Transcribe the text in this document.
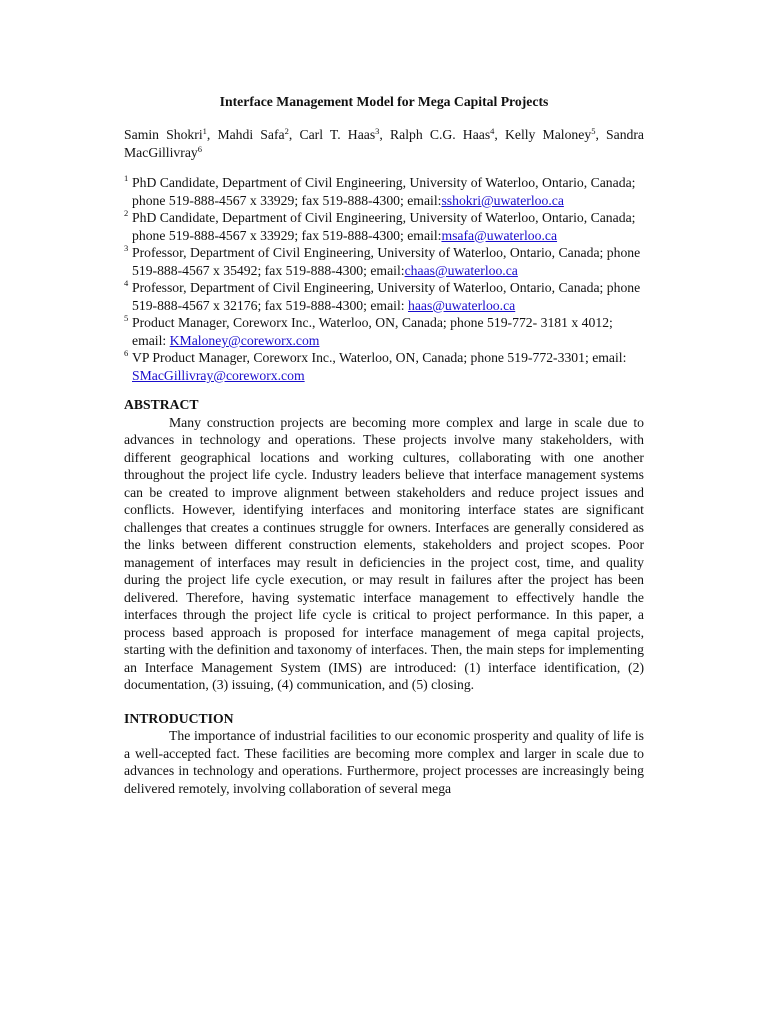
Interface Management Model for Mega Capital Projects

Samin Shokri$^1$, Mahdi Safa$^2$, Carl T. Haas$^3$, Ralph C.G. Haas$^4$, Kelly Maloney$^5$, Sandra MacGillivray$^6$

1 PhD Candidate, Department of Civil Engineering, University of Waterloo, Ontario, Canada; phone 519-888-4567 x 33929; fax 519-888-4300; email:sshokri@uwaterloo.ca
2 PhD Candidate, Department of Civil Engineering, University of Waterloo, Ontario, Canada; phone 519-888-4567 x 33929; fax 519-888-4300; email:msafa@uwaterloo.ca
3 Professor, Department of Civil Engineering, University of Waterloo, Ontario, Canada; phone 519-888-4567 x 35492; fax 519-888-4300; email:chaas@uwaterloo.ca
4 Professor, Department of Civil Engineering, University of Waterloo, Ontario, Canada; phone 519-888-4567 x 32176; fax 519-888-4300; email: haas@uwaterloo.ca
5 Product Manager, Coreworx Inc., Waterloo, ON, Canada; phone 519-772- 3181 x 4012; email: KMaloney@coreworx.com
6 VP Product Manager, Coreworx Inc., Waterloo, ON, Canada; phone 519-772-3301; email: SMacGillivray@coreworx.com
ABSTRACT

Many construction projects are becoming more complex and large in scale due to advances in technology and operations. These projects involve many stakeholders, with different geographical locations and working cultures, collaborating with one another throughout the project life cycle. Industry leaders believe that interface management systems can be created to improve alignment between stakeholders and reduce project issues and conflicts. However, identifying interfaces and monitoring interface states are significant challenges that creates a continues struggle for owners. Interfaces are generally considered as the links between different construction elements, stakeholders and project scopes. Poor management of interfaces may result in deficiencies in the project cost, time, and quality during the project life cycle execution, or may result in failures after the project has been delivered. Therefore, having systematic interface management to effectively handle the interfaces through the project life cycle is critical to project performance. In this paper, a process based approach is proposed for interface management of mega capital projects, starting with the definition and taxonomy of interfaces. Then, the main steps for implementing an Interface Management System (IMS) are introduced: (1) interface identification, (2) documentation, (3) issuing, (4) communication, and (5) closing.

INTRODUCTION

The importance of industrial facilities to our economic prosperity and quality of life is a well-accepted fact. These facilities are becoming more complex and larger in scale due to advances in technology and operations. Furthermore, project processes are increasingly being delivered remotely, involving collaboration of several mega
